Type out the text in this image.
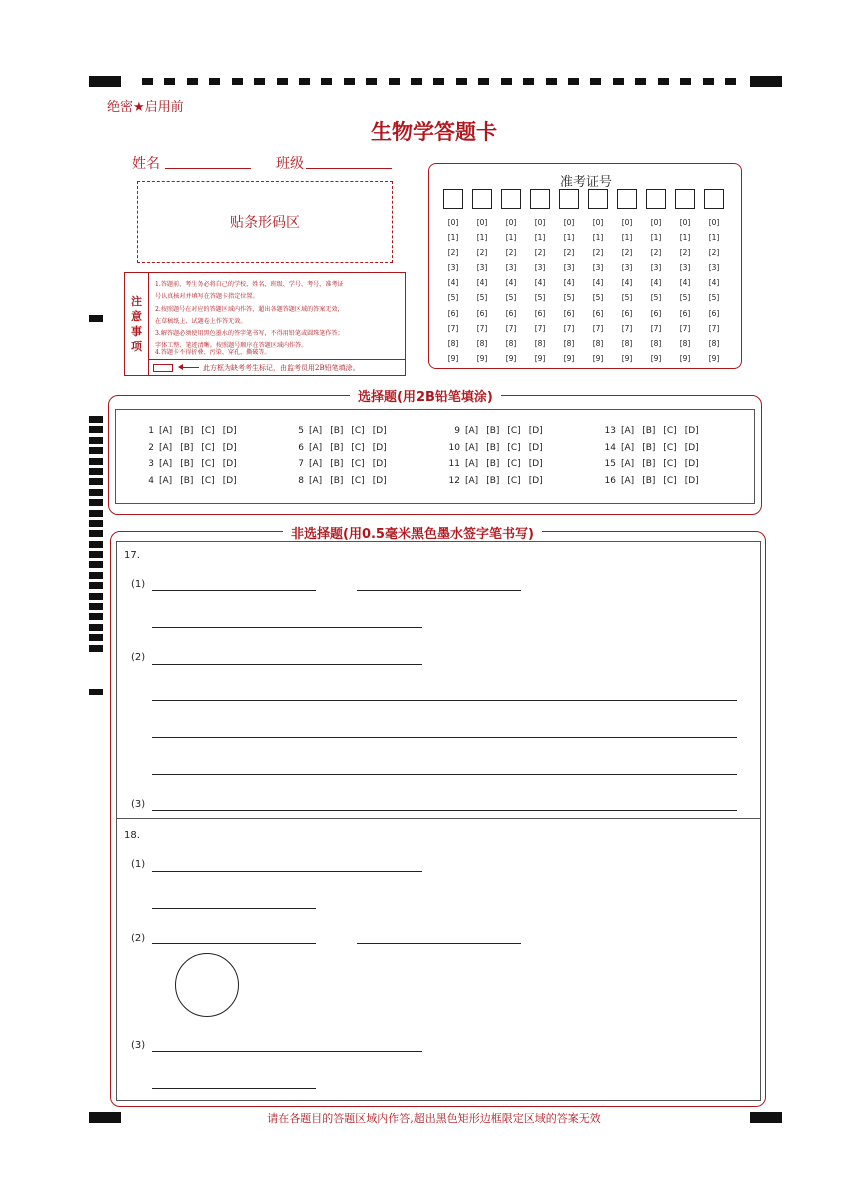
绝密★启用前
生物学答题卡
姓名	班级
贴条形码区
注
意
事
项

1.答题前，考生务必将自己的学校、姓名、班级、学号、考号、准考证

号认真核对并填写在答题卡指定位置。

2.按照题号在对应的答题区域内作答，超出各题答题区域的答案无效，

在草稿纸上、试题卷上作答无效。

3.解答题必须使用黑色墨水的签字笔书写，不得用铅笔或圆珠笔作答；

字体工整、笔迹清晰。按照题号顺序在答题区域内作答。

4.答题卡不得折叠、污染、穿孔、撕破等。

此方框为缺考考生标记，由监考员用2B铅笔填涂。
准考证号
[0]
[1]
[2]
[3]
[4]
[5]
[6]
[7]
[8]
[9]
[0]
[1]
[2]
[3]
[4]
[5]
[6]
[7]
[8]
[9]
[0]
[1]
[2]
[3]
[4]
[5]
[6]
[7]
[8]
[9]
[0]
[1]
[2]
[3]
[4]
[5]
[6]
[7]
[8]
[9]
[0]
[1]
[2]
[3]
[4]
[5]
[6]
[7]
[8]
[9]
[0]
[1]
[2]
[3]
[4]
[5]
[6]
[7]
[8]
[9]
[0]
[1]
[2]
[3]
[4]
[5]
[6]
[7]
[8]
[9]
[0]
[1]
[2]
[3]
[4]
[5]
[6]
[7]
[8]
[9]
[0]
[1]
[2]
[3]
[4]
[5]
[6]
[7]
[8]
[9]
[0]
[1]
[2]
[3]
[4]
[5]
[6]
[7]
[8]
[9]
选择题(用2B铅笔填涂)
1 [A] [B] [C] [D]
2 [A] [B] [C] [D]
3 [A] [B] [C] [D]
4 [A] [B] [C] [D]
5 [A] [B] [C] [D]
6 [A] [B] [C] [D]
7 [A] [B] [C] [D]
8 [A] [B] [C] [D]
9 [A] [B] [C] [D]
10 [A] [B] [C] [D]
11 [A] [B] [C] [D]
12 [A] [B] [C] [D]
13 [A] [B] [C] [D]
14 [A] [B] [C] [D]
15 [A] [B] [C] [D]
16 [A] [B] [C] [D]
非选择题(用0.5毫米黑色墨水签字笔书写)
17.
(1)
(2)
(3)
18.
(1)
(2)
(3)
请在各题目的答题区域内作答,超出黑色矩形边框限定区域的答案无效
